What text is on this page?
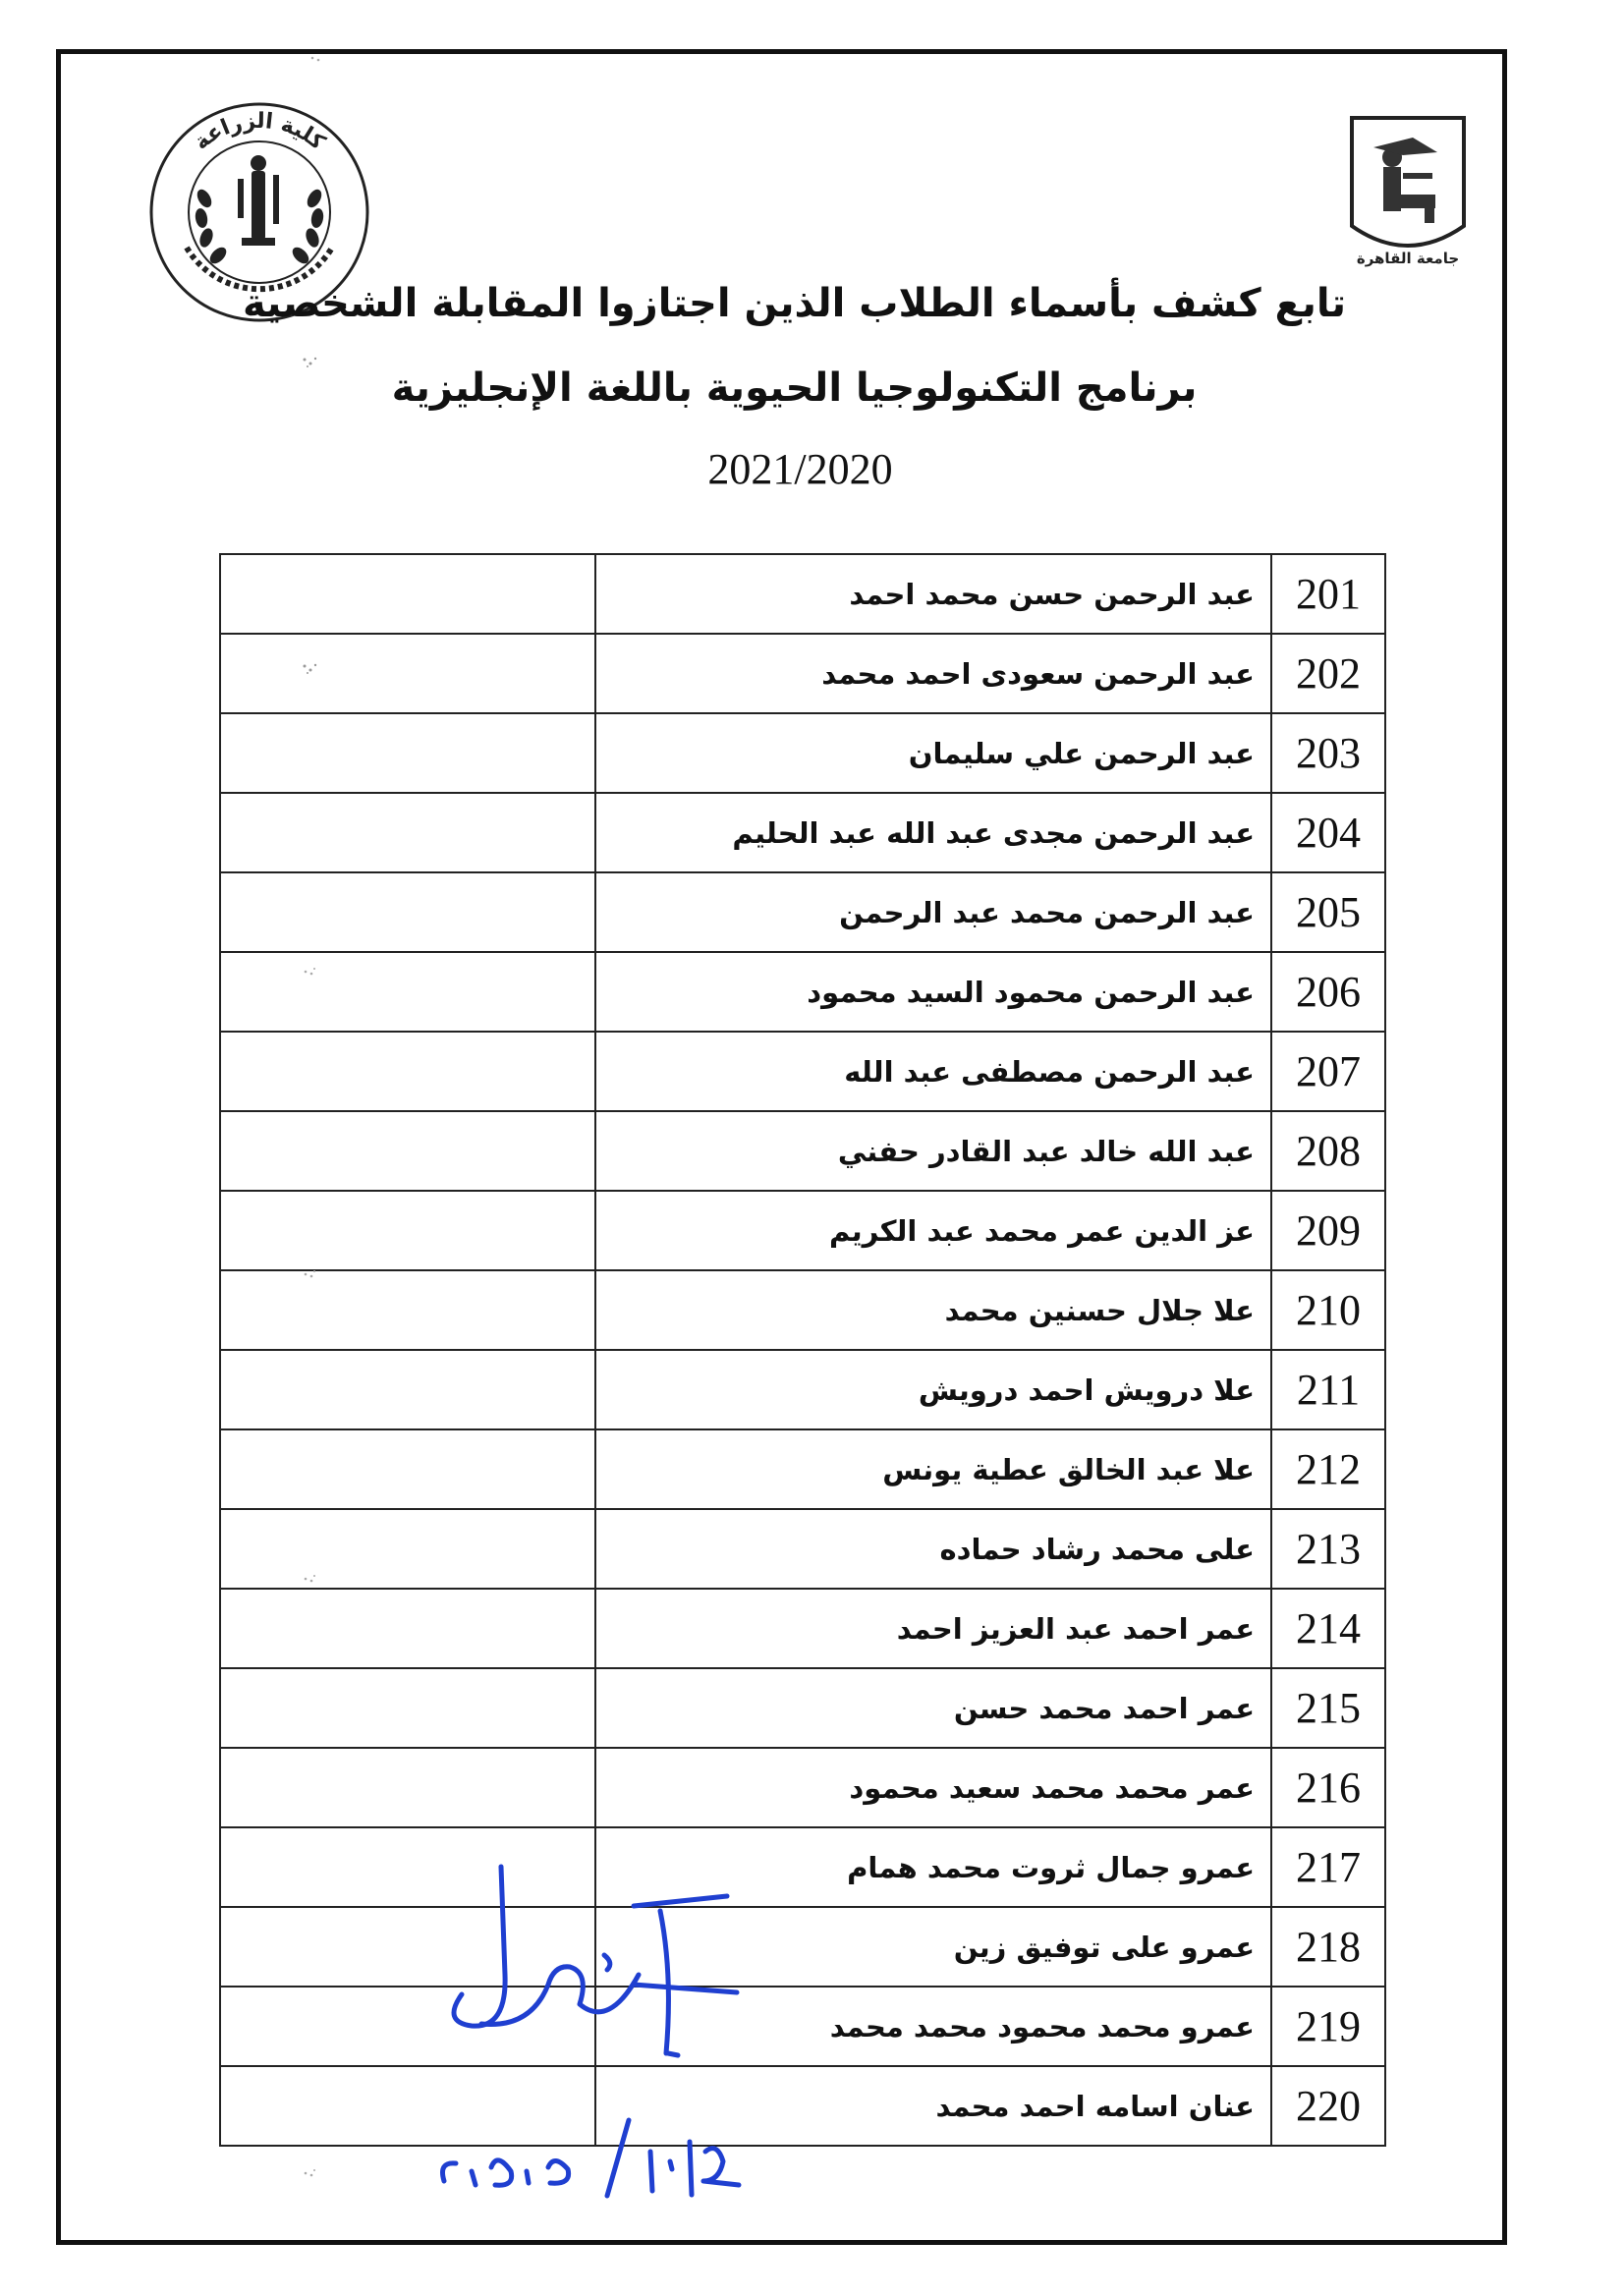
كلية الزراعة
جامعة القاهرة
تابع كشف بأسماء الطلاب الذين اجتازوا المقابلة الشخصية
برنامج التكنولوجيا الحيوية باللغة الإنجليزية
2021/2020
201	عبد الرحمن حسن محمد احمد	
202	عبد الرحمن سعودى احمد محمد	
203	عبد الرحمن علي سليمان	
204	عبد الرحمن مجدى عبد الله عبد الحليم	
205	عبد الرحمن محمد عبد الرحمن	
206	عبد الرحمن محمود السيد محمود	
207	عبد الرحمن مصطفى عبد الله	
208	عبد الله خالد عبد القادر حفني	
209	عز الدين عمر محمد عبد الكريم	
210	علا جلال حسنين محمد	
211	علا درويش احمد درويش	
212	علا عبد الخالق عطية يونس	
213	على محمد رشاد حماده	
214	عمر احمد عبد العزيز احمد	
215	عمر احمد محمد حسن	
216	عمر محمد محمد سعيد محمود	
217	عمرو جمال ثروت محمد همام	
218	عمرو على توفيق زين	
219	عمرو محمد محمود محمد محمد	
220	عنان اسامه احمد محمد	
